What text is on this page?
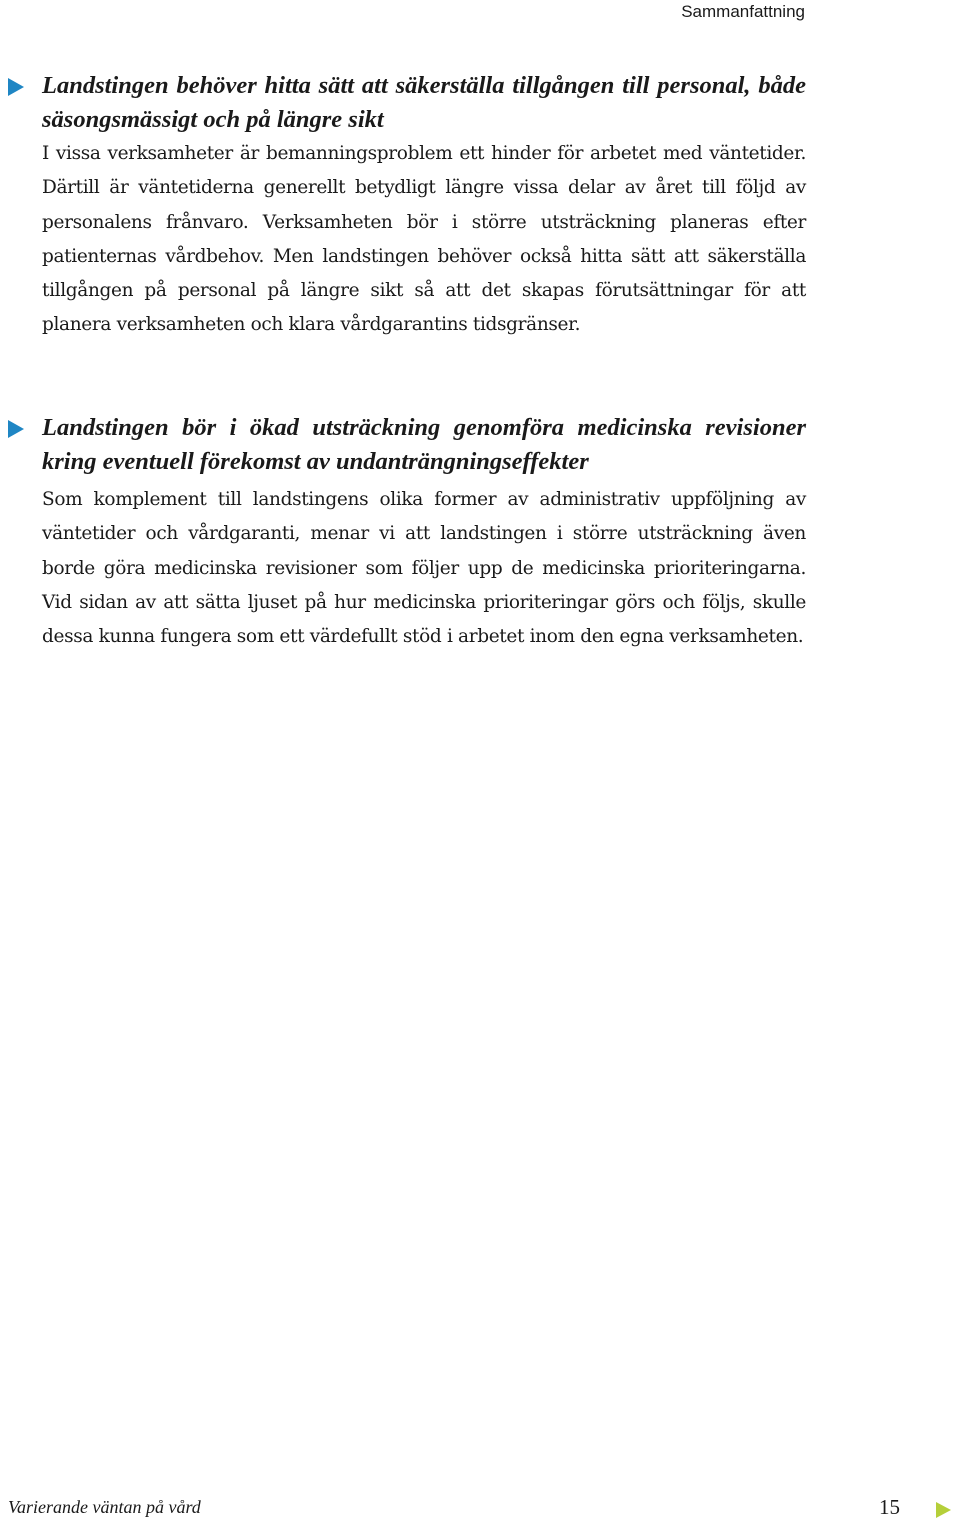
Sammanfattning
Landstingen behöver hitta sätt att säkerställa tillgången till personal, både säsongsmässigt och på längre sikt

I vissa verksamheter är bemanningsproblem ett hinder för arbetet med väntetider. Därtill är väntetiderna generellt betydligt längre vissa delar av året till följd av personalens frånvaro. Verksamheten bör i större utsträckning planeras efter patienternas vårdbehov. Men landstingen behöver också hitta sätt att säkerställa tillgången på personal på längre sikt så att det skapas förutsättningar för att planera verksamheten och klara vårdgarantins tidsgränser.

Landstingen bör i ökad utsträckning genomföra medicinska revisioner kring eventuell förekomst av undanträngningseffekter

Som komplement till landstingens olika former av administrativ uppföljning av väntetider och vårdgaranti, menar vi att landstingen i större utsträckning även borde göra medicinska revisioner som följer upp de medicinska prioriteringarna. Vid sidan av att sätta ljuset på hur medicinska prioriteringar görs och följs, skulle dessa kunna fungera som ett värdefullt stöd i arbetet inom den egna verksamheten.

Varierande väntan på vård	15
